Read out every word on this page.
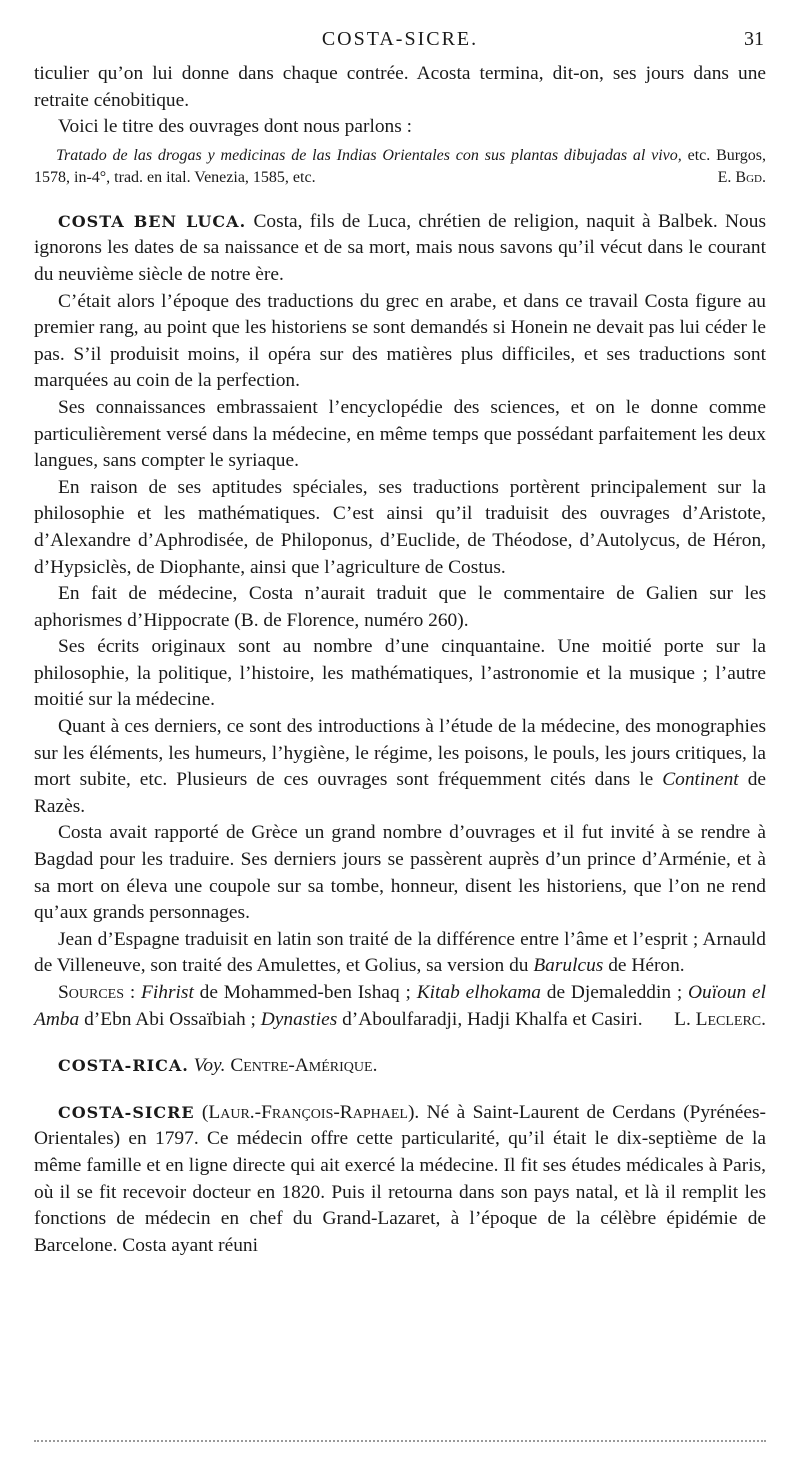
COSTA-SICRE.	31

ticulier qu’on lui donne dans chaque contrée. Acosta termina, dit-on, ses jours dans une retraite cénobitique.

Voici le titre des ouvrages dont nous parlons :

Tratado de las drogas y medicinas de las Indias Orientales con sus plantas dibujadas al vivo, etc. Burgos, 1578, in-4°, trad. en ital. Venezia, 1585, etc.	E. Bgd.

COSTA BEN LUCA. Costa, fils de Luca, chrétien de religion, naquit à Balbek. Nous ignorons les dates de sa naissance et de sa mort, mais nous savons qu’il vécut dans le courant du neuvième siècle de notre ère.

C’était alors l’époque des traductions du grec en arabe, et dans ce travail Costa figure au premier rang, au point que les historiens se sont demandés si Honein ne devait pas lui céder le pas. S’il produisit moins, il opéra sur des matières plus difficiles, et ses traductions sont marquées au coin de la perfection.

Ses connaissances embrassaient l’encyclopédie des sciences, et on le donne comme particulièrement versé dans la médecine, en même temps que possédant parfaitement les deux langues, sans compter le syriaque.

En raison de ses aptitudes spéciales, ses traductions portèrent principalement sur la philosophie et les mathématiques. C’est ainsi qu’il traduisit des ouvrages d’Aristote, d’Alexandre d’Aphrodisée, de Philoponus, d’Euclide, de Théodose, d’Autolycus, de Héron, d’Hypsiclès, de Diophante, ainsi que l’agriculture de Costus.

En fait de médecine, Costa n’aurait traduit que le commentaire de Galien sur les aphorismes d’Hippocrate (B. de Florence, numéro 260).

Ses écrits originaux sont au nombre d’une cinquantaine. Une moitié porte sur la philosophie, la politique, l’histoire, les mathématiques, l’astronomie et la musique ; l’autre moitié sur la médecine.

Quant à ces derniers, ce sont des introductions à l’étude de la médecine, des monographies sur les éléments, les humeurs, l’hygiène, le régime, les poisons, le pouls, les jours critiques, la mort subite, etc. Plusieurs de ces ouvrages sont fréquemment cités dans le Continent de Razès.

Costa avait rapporté de Grèce un grand nombre d’ouvrages et il fut invité à se rendre à Bagdad pour les traduire. Ses derniers jours se passèrent auprès d’un prince d’Arménie, et à sa mort on éleva une coupole sur sa tombe, honneur, disent les historiens, que l’on ne rend qu’aux grands personnages.

Jean d’Espagne traduisit en latin son traité de la différence entre l’âme et l’esprit ; Arnauld de Villeneuve, son traité des Amulettes, et Golius, sa version du Barulcus de Héron.

Sources : Fihrist de Mohammed-ben Ishaq ; Kitab elhokama de Djemaleddin ; Ouïoun el Amba d’Ebn Abi Ossaïbiah ; Dynasties d’Aboulfaradji, Hadji Khalfa et Casiri.	L. Leclerc.

COSTA-RICA. Voy. Centre-Amérique.

COSTA-SICRE (Laur.-François-Raphael). Né à Saint-Laurent de Cerdans (Pyrénées-Orientales) en 1797. Ce médecin offre cette particularité, qu’il était le dix-septième de la même famille et en ligne directe qui ait exercé la médecine. Il fit ses études médicales à Paris, où il se fit recevoir docteur en 1820. Puis il retourna dans son pays natal, et là il remplit les fonctions de médecin en chef du Grand-Lazaret, à l’époque de la célèbre épidémie de Barcelone. Costa ayant réuni
